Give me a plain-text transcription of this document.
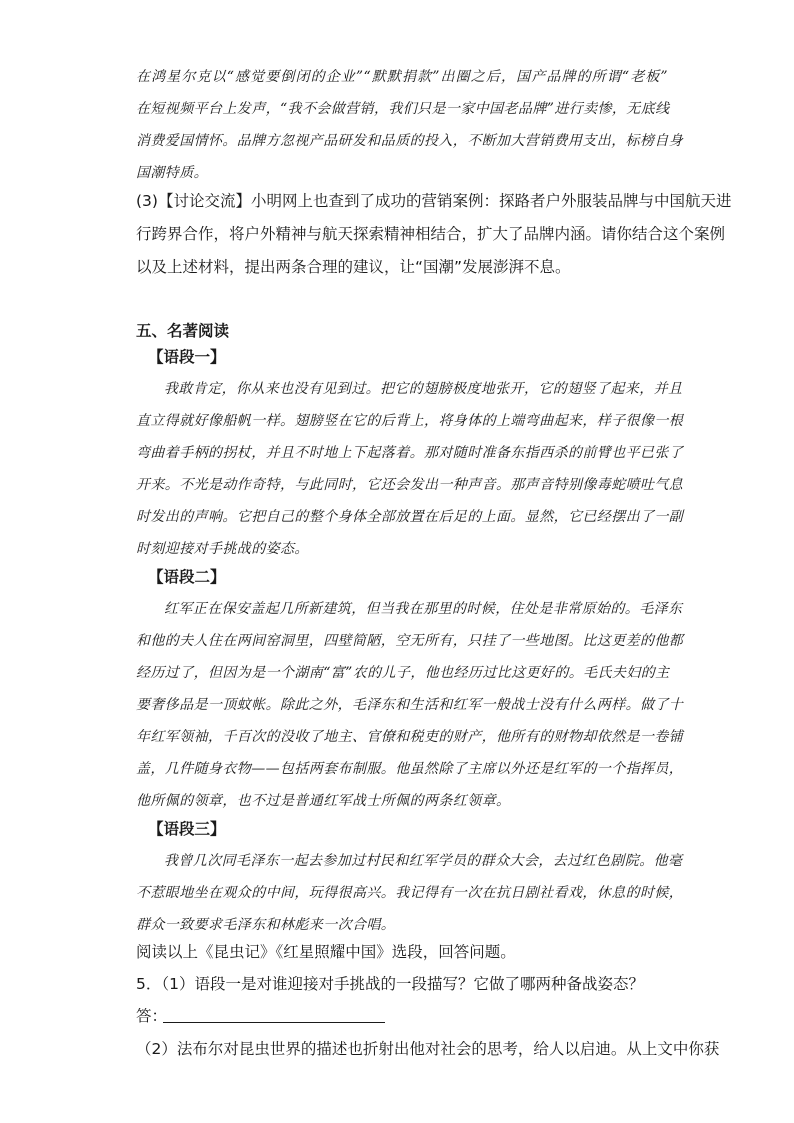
在鸿星尔克以“感觉要倒闭的企业”“默默捐款”出圈之后，国产品牌的所谓“老板”
在短视频平台上发声，“我不会做营销，我们只是一家中国老品牌”进行卖惨，无底线
消费爱国情怀。品牌方忽视产品研发和品质的投入，不断加大营销费用支出，标榜自身
国潮特质。
(3)【讨论交流】小明网上也查到了成功的营销案例：探路者户外服装品牌与中国航天进
行跨界合作，将户外精神与航天探索精神相结合，扩大了品牌内涵。请你结合这个案例
以及上述材料，提出两条合理的建议，让“国潮”发展澎湃不息。
五、名著阅读
【语段一】
我敢肯定，你从来也没有见到过。把它的翅膀极度地张开，它的翅竖了起来，并且
直立得就好像船帆一样。翅膀竖在它的后背上，将身体的上端弯曲起来，样子很像一根
弯曲着手柄的拐杖，并且不时地上下起落着。那对随时准备东指西杀的前臂也平已张了
开来。不光是动作奇特，与此同时，它还会发出一种声音。那声音特别像毒蛇喷吐气息
时发出的声响。它把自己的整个身体全部放置在后足的上面。显然，它已经摆出了一副
时刻迎接对手挑战的姿态。
【语段二】
红军正在保安盖起几所新建筑，但当我在那里的时候，住处是非常原始的。毛泽东
和他的夫人住在两间窑洞里，四壁简陋，空无所有，只挂了一些地图。比这更差的他都
经历过了，但因为是一个湖南“富”农的儿子，他也经历过比这更好的。毛氏夫妇的主
要奢侈品是一顶蚊帐。除此之外，毛泽东和生活和红军一般战士没有什么两样。做了十
年红军领袖，千百次的没收了地主、官僚和税吏的财产，他所有的财物却依然是一卷铺
盖，几件随身衣物——包括两套布制服。他虽然除了主席以外还是红军的一个指挥员，
他所佩的领章，也不过是普通红军战士所佩的两条红领章。
【语段三】
我曾几次同毛泽东一起去参加过村民和红军学员的群众大会，去过红色剧院。他毫
不惹眼地坐在观众的中间，玩得很高兴。我记得有一次在抗日剧社看戏，休息的时候，
群众一致要求毛泽东和林彪来一次合唱。
阅读以上《昆虫记》《红星照耀中国》选段，回答问题。
5．（1）语段一是对谁迎接对手挑战的一段描写？它做了哪两种备战姿态？
答：
（2）法布尔对昆虫世界的描述也折射出他对社会的思考，给人以启迪。从上文中你获
